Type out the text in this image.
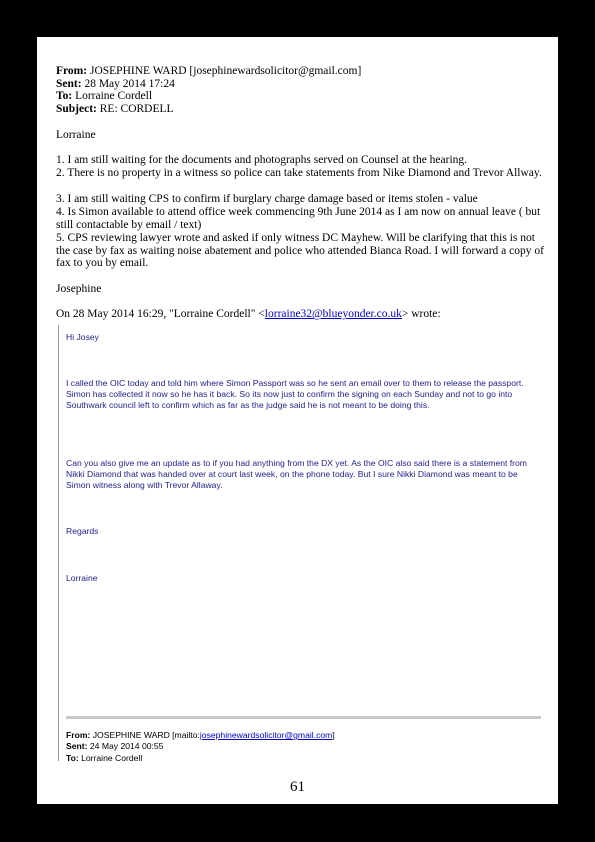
From: JOSEPHINE WARD [josephinewardsolicitor@gmail.com]
Sent: 28 May 2014 17:24
To: Lorraine Cordell
Subject: RE: CORDELL
Lorraine
1. I am still waiting for the documents and photographs served on Counsel at the hearing.
2. There is no property in a witness so police can take statements from Nike Diamond and Trevor Allway.
3. I am still waiting CPS to confirm if burglary charge damage based or items stolen - value
4. Is Simon available to attend office week commencing 9th June 2014 as I am now on annual leave ( but still contactable by email / text)
5. CPS reviewing lawyer wrote and asked if only witness DC Mayhew. Will be clarifying that this is not the case by fax as waiting noise abatement and police who attended Bianca Road. I will forward a copy of fax to you by email.
Josephine
On 28 May 2014 16:29, "Lorraine Cordell" <lorraine32@blueyonder.co.uk> wrote:
Hi Josey
I called the OIC today and told him where Simon Passport was so he sent an email over to them to release the passport. Simon has collected it now so he has it back. So its now just to confirm the signing on each Sunday and not to go into Southwark council left to confirm which as far as the judge said he is not meant to be doing this.
Can you also give me an update as to if you had anything from the DX yet. As the OIC also said there is a statement from Nikki Diamond that was handed over at court last week, on the phone today. But I sure Nikki Diamond was meant to be Simon witness along with Trevor Allaway.
Regards
Lorraine
From: JOSEPHINE WARD [mailto:josephinewardsolicitor@gmail.com]
Sent: 24 May 2014 00:55
To: Lorraine Cordell
61
